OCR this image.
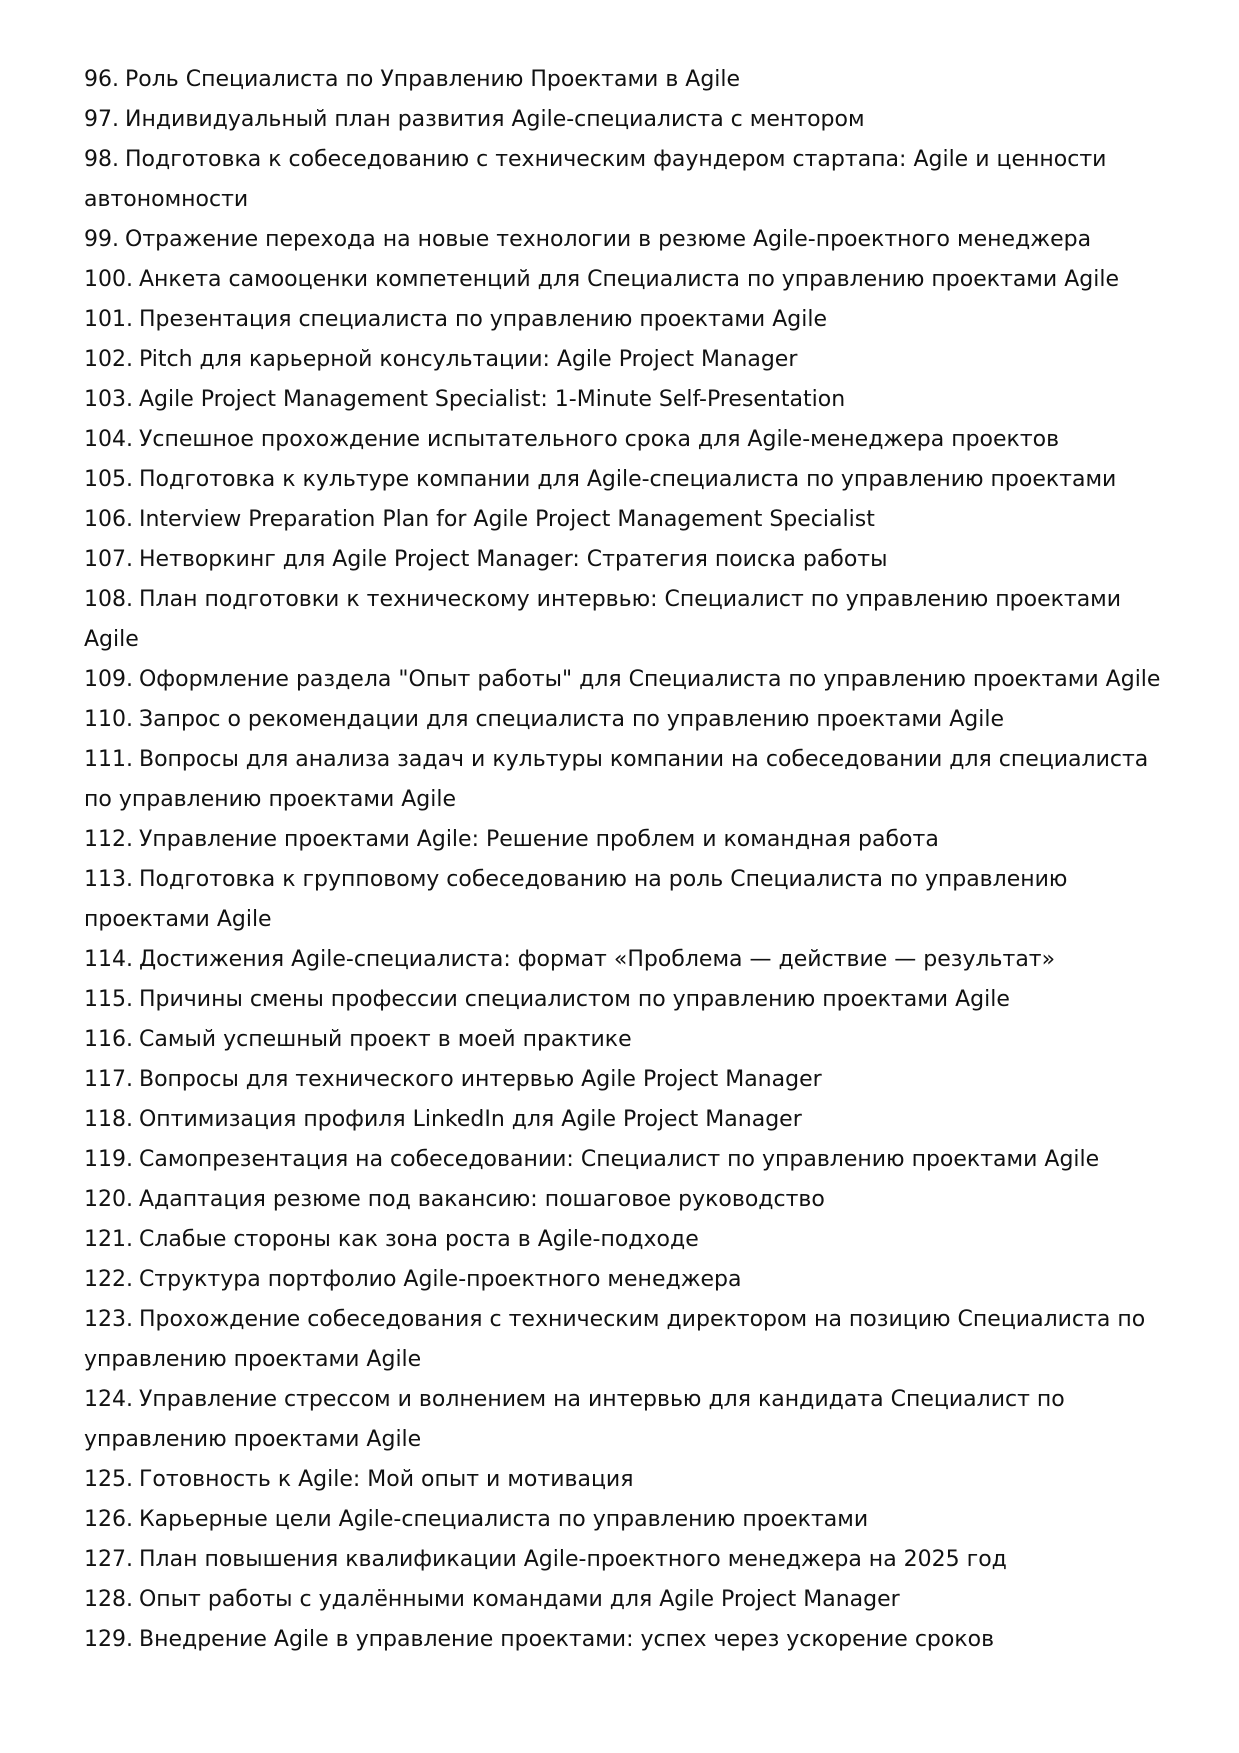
96. Роль Специалиста по Управлению Проектами в Agile
97. Индивидуальный план развития Agile-специалиста с ментором
98. Подготовка к собеседованию с техническим фаундером стартапа: Agile и ценности автономности
99. Отражение перехода на новые технологии в резюме Agile-проектного менеджера
100. Анкета самооценки компетенций для Специалиста по управлению проектами Agile
101. Презентация специалиста по управлению проектами Agile
102. Pitch для карьерной консультации: Agile Project Manager
103. Agile Project Management Specialist: 1-Minute Self-Presentation
104. Успешное прохождение испытательного срока для Agile-менеджера проектов
105. Подготовка к культуре компании для Agile-специалиста по управлению проектами
106. Interview Preparation Plan for Agile Project Management Specialist
107. Нетворкинг для Agile Project Manager: Стратегия поиска работы
108. План подготовки к техническому интервью: Специалист по управлению проектами Agile
109. Оформление раздела "Опыт работы" для Специалиста по управлению проектами Agile
110. Запрос о рекомендации для специалиста по управлению проектами Agile
111. Вопросы для анализа задач и культуры компании на собеседовании для специалиста по управлению проектами Agile
112. Управление проектами Agile: Решение проблем и командная работа
113. Подготовка к групповому собеседованию на роль Специалиста по управлению проектами Agile
114. Достижения Agile-специалиста: формат «Проблема — действие — результат»
115. Причины смены профессии специалистом по управлению проектами Agile
116. Самый успешный проект в моей практике
117. Вопросы для технического интервью Agile Project Manager
118. Оптимизация профиля LinkedIn для Agile Project Manager
119. Самопрезентация на собеседовании: Специалист по управлению проектами Agile
120. Адаптация резюме под вакансию: пошаговое руководство
121. Слабые стороны как зона роста в Agile-подходе
122. Структура портфолио Agile-проектного менеджера
123. Прохождение собеседования с техническим директором на позицию Специалиста по управлению проектами Agile
124. Управление стрессом и волнением на интервью для кандидата Специалист по управлению проектами Agile
125. Готовность к Agile: Мой опыт и мотивация
126. Карьерные цели Agile-специалиста по управлению проектами
127. План повышения квалификации Agile-проектного менеджера на 2025 год
128. Опыт работы с удалёнными командами для Agile Project Manager
129. Внедрение Agile в управление проектами: успех через ускорение сроков
